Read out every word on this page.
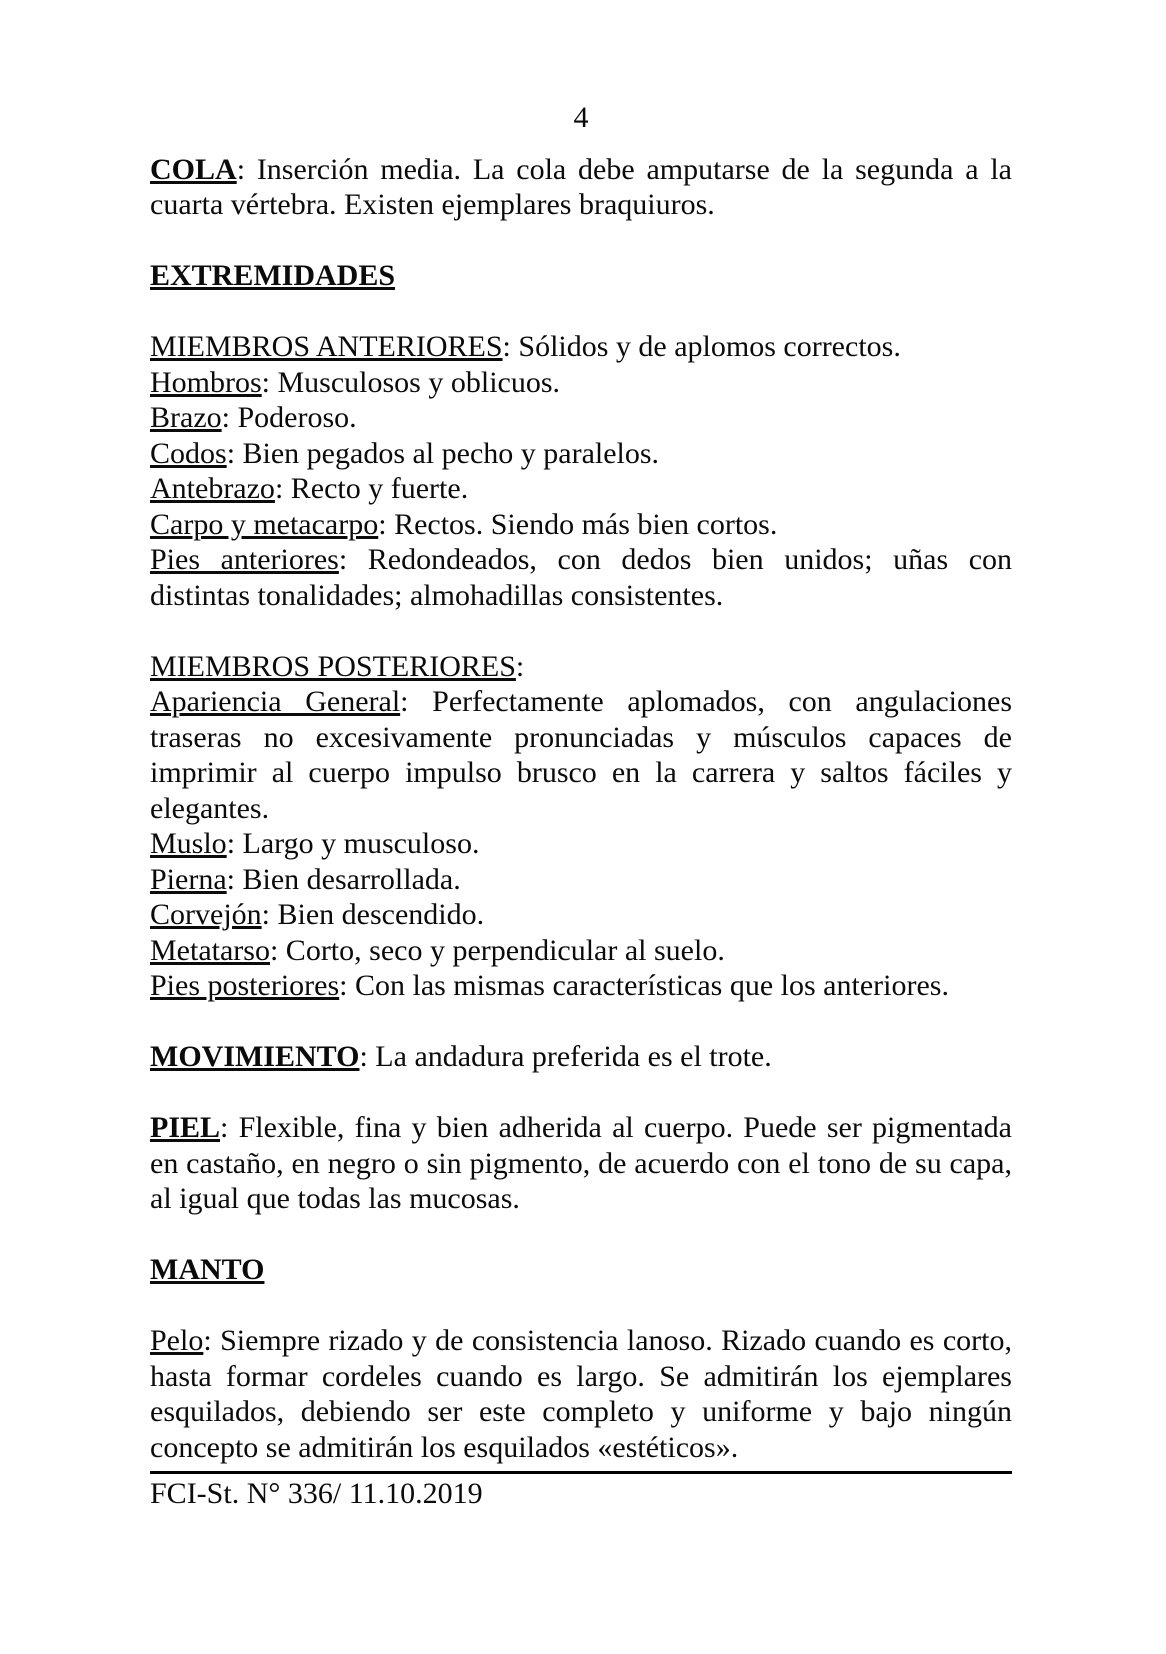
4

COLA: Inserción media. La cola debe amputarse de la segunda a la cuarta vértebra. Existen ejemplares braquiuros.

EXTREMIDADES

MIEMBROS ANTERIORES: Sólidos y de aplomos correctos.

Hombros: Musculosos y oblicuos.

Brazo: Poderoso.

Codos: Bien pegados al pecho y paralelos.

Antebrazo: Recto y fuerte.

Carpo y metacarpo: Rectos. Siendo más bien cortos.

Pies anteriores: Redondeados, con dedos bien unidos; uñas con distintas tonalidades; almohadillas consistentes.

MIEMBROS POSTERIORES:

Apariencia General: Perfectamente aplomados, con angulaciones traseras no excesivamente pronunciadas y músculos capaces de imprimir al cuerpo impulso brusco en la carrera y saltos fáciles y elegantes.

Muslo: Largo y musculoso.

Pierna: Bien desarrollada.

Corvejón: Bien descendido.

Metatarso: Corto, seco y perpendicular al suelo.

Pies posteriores: Con las mismas características que los anteriores.

MOVIMIENTO: La andadura preferida es el trote.

PIEL: Flexible, fina y bien adherida al cuerpo. Puede ser pigmentada en castaño, en negro o sin pigmento, de acuerdo con el tono de su capa, al igual que todas las mucosas.

MANTO

Pelo: Siempre rizado y de consistencia lanoso. Rizado cuando es corto, hasta formar cordeles cuando es largo. Se admitirán los ejemplares esquilados, debiendo ser este completo y uniforme y bajo ningún concepto se admitirán los esquilados «estéticos».

FCI-St. N° 336/ 11.10.2019
